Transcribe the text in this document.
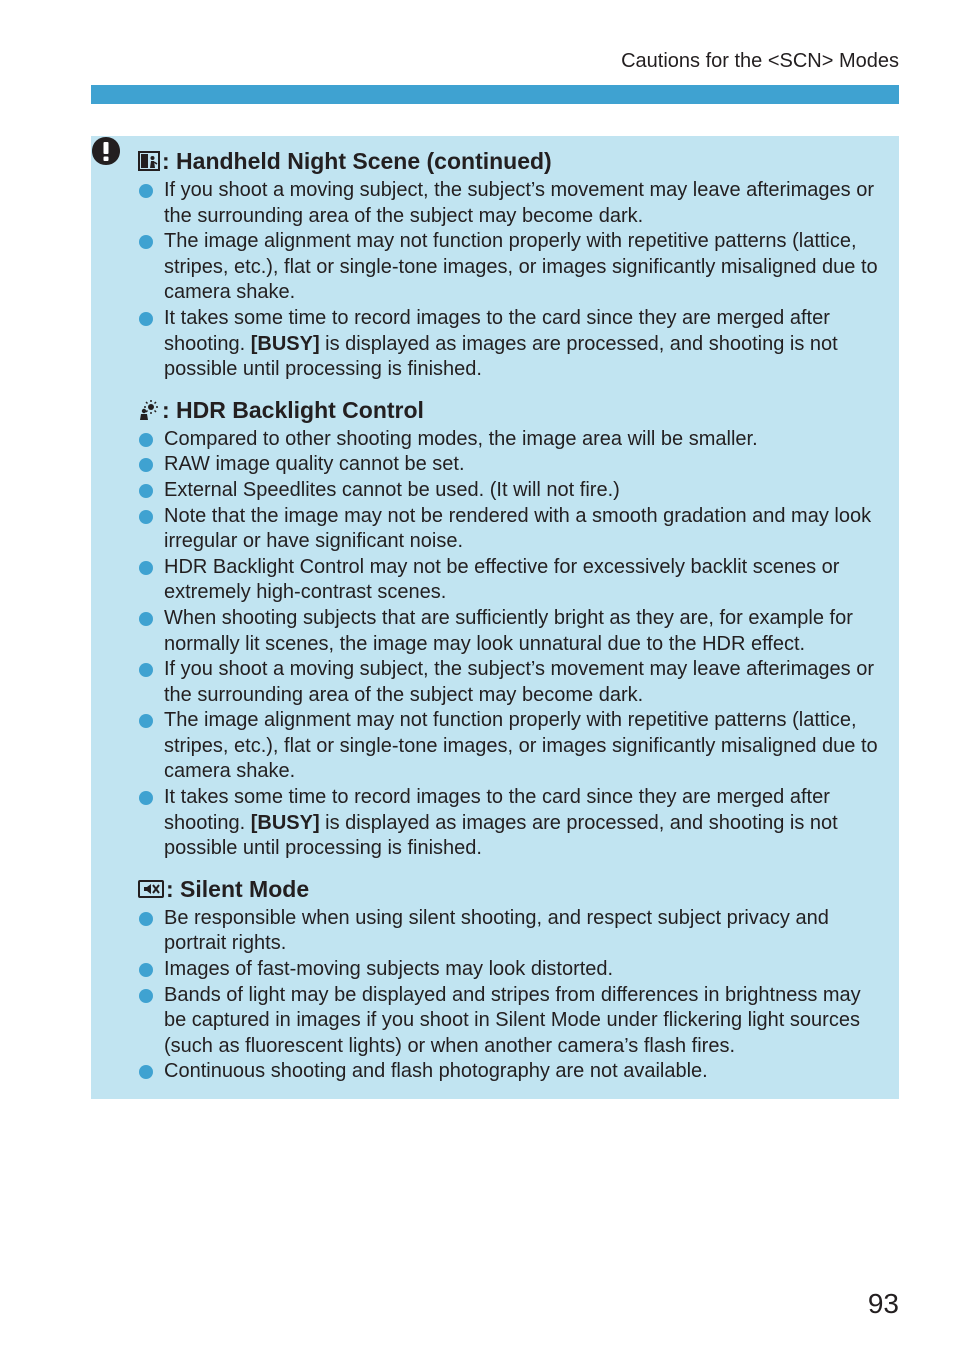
Cautions for the <SCN> Modes
: Handheld Night Scene (continued)
If you shoot a moving subject, the subject’s movement may leave afterimages or the surrounding area of the subject may become dark.
The image alignment may not function properly with repetitive patterns (lattice, stripes, etc.), flat or single-tone images, or images significantly misaligned due to camera shake.
It takes some time to record images to the card since they are merged after shooting. [BUSY] is displayed as images are processed, and shooting is not possible until processing is finished.
: HDR Backlight Control
Compared to other shooting modes, the image area will be smaller.
RAW image quality cannot be set.
External Speedlites cannot be used. (It will not fire.)
Note that the image may not be rendered with a smooth gradation and may look irregular or have significant noise.
HDR Backlight Control may not be effective for excessively backlit scenes or extremely high-contrast scenes.
When shooting subjects that are sufficiently bright as they are, for example for normally lit scenes, the image may look unnatural due to the HDR effect.
If you shoot a moving subject, the subject’s movement may leave afterimages or the surrounding area of the subject may become dark.
The image alignment may not function properly with repetitive patterns (lattice, stripes, etc.), flat or single-tone images, or images significantly misaligned due to camera shake.
It takes some time to record images to the card since they are merged after shooting. [BUSY] is displayed as images are processed, and shooting is not possible until processing is finished.
: Silent Mode
Be responsible when using silent shooting, and respect subject privacy and portrait rights.
Images of fast-moving subjects may look distorted.
Bands of light may be displayed and stripes from differences in brightness may be captured in images if you shoot in Silent Mode under flickering light sources (such as fluorescent lights) or when another camera’s flash fires.
Continuous shooting and flash photography are not available.
93
